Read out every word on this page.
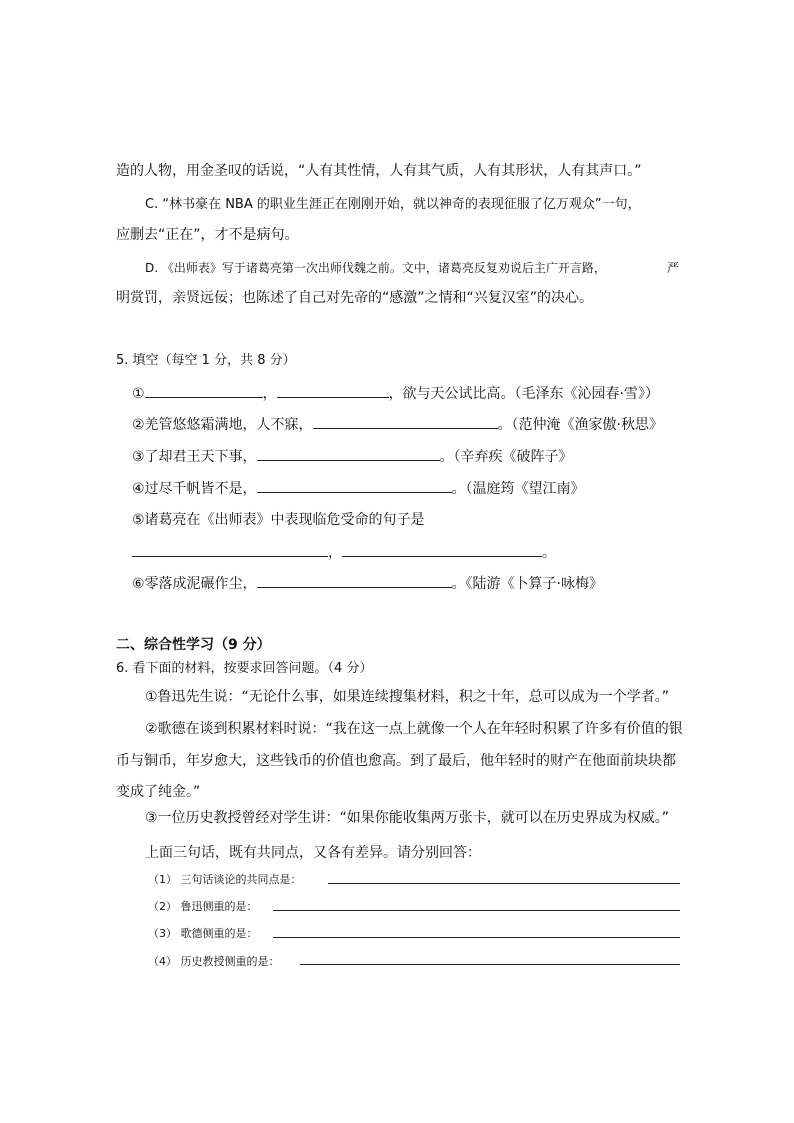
造的人物，用金圣叹的话说，“人有其性情，人有其气质，人有其形状，人有其声口。”
C. “林书豪在 NBA 的职业生涯正在刚刚开始，就以神奇的表现征服了亿万观众”一句，
应删去“正在”，才不是病句。
D. 《出师表》写于诸葛亮第一次出师伐魏之前。文中，诸葛亮反复劝说后主广开言路，	严
明赏罚，亲贤远佞；也陈述了自己对先帝的“感激”之情和“兴复汉室”的决心。
5. 填空（每空 1 分，共 8 分）
①	，	，欲与天公试比高。（毛泽东《沁园春·雪》）
②羌管悠悠霜满地，人不寐，	。（范仲淹《渔家傲·秋思》
③了却君王天下事，	。（辛弃疾《破阵子》
④过尽千帆皆不是，	。（温庭筠《望江南》
⑤诸葛亮在《出师表》中表现临危受命的句子是
，	。
⑥零落成泥碾作尘，	。《陆游《卜算子·咏梅》
二、综合性学习（9 分）
6. 看下面的材料，按要求回答问题。（4 分）
①鲁迅先生说：“无论什么事，如果连续搜集材料，积之十年，总可以成为一个学者。”
②歌德在谈到积累材料时说：“我在这一点上就像一个人在年轻时积累了许多有价值的银
币与铜币，年岁愈大，这些钱币的价值也愈高。到了最后，他年轻时的财产在他面前块块都
变成了纯金。”
③一位历史教授曾经对学生讲：“如果你能收集两万张卡，就可以在历史界成为权威。”
上面三句话，既有共同点，又各有差异。请分别回答：
（1） 三句话谈论的共同点是：
（2） 鲁迅侧重的是：
（3） 歌德侧重的是：
（4） 历史教授侧重的是：
